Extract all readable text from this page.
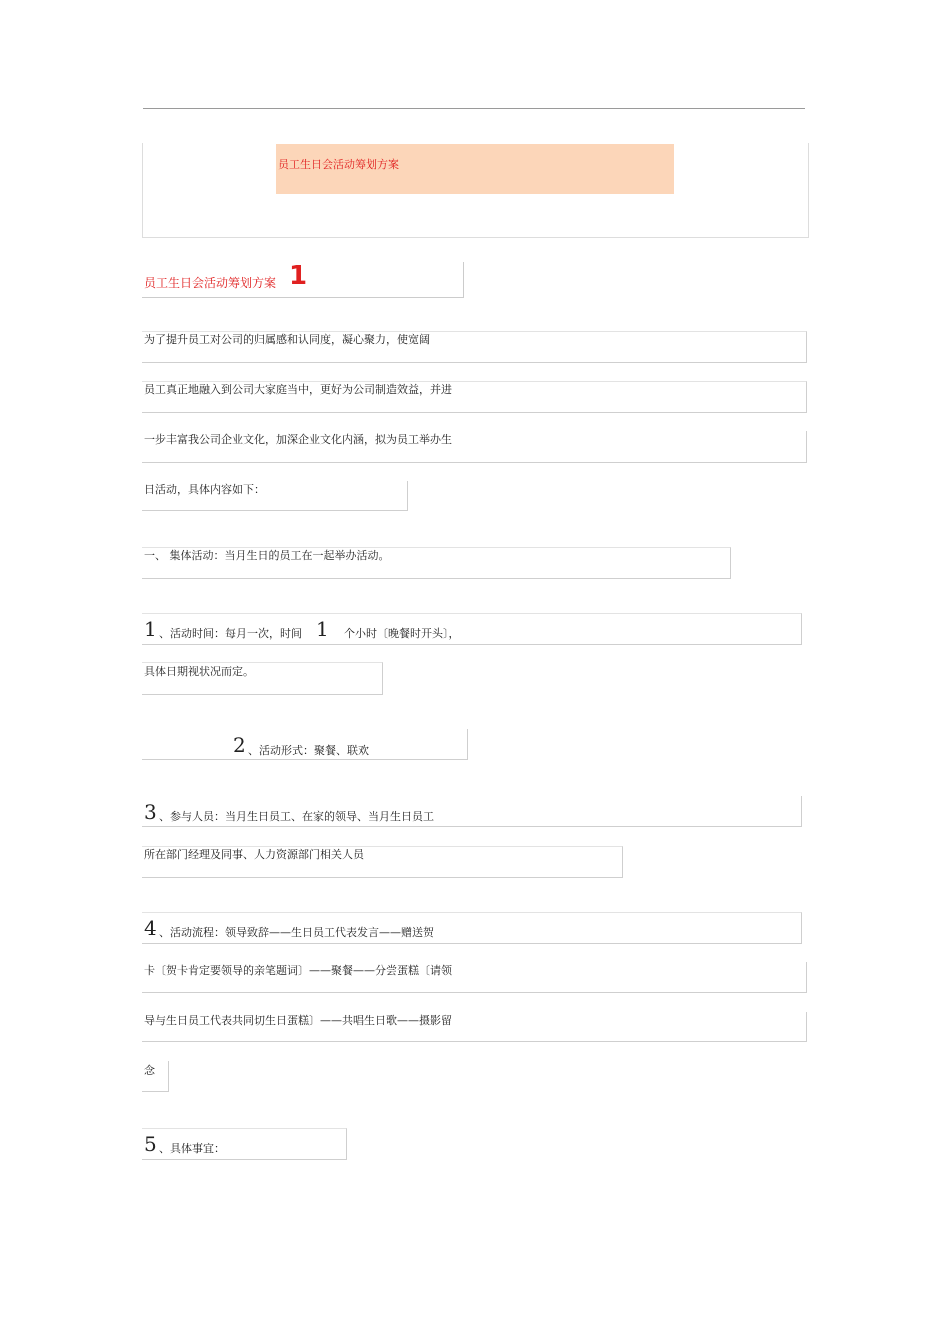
员工生日会活动筹划方案
员工生日会活动筹划方案 1
为了提升员工对公司的归属感和认同度，凝心聚力，使宽阔
员工真正地融入到公司大家庭当中，更好为公司制造效益，并进
一步丰富我公司企业文化，加深企业文化内涵，拟为员工举办生
日活动，具体内容如下：
一、 集体活动：当月生日的员工在一起举办活动。
1 、活动时间：每月一次，时间 1 个小时〔晚餐时开头〕，
具体日期视状况而定。
2 、活动形式：聚餐、联欢
3 、参与人员：当月生日员工、在家的领导、当月生日员工
所在部门经理及同事、人力资源部门相关人员
4 、活动流程：领导致辞——生日员工代表发言——赠送贺
卡〔贺卡肯定要领导的亲笔题词〕——聚餐——分尝蛋糕〔请领
导与生日员工代表共同切生日蛋糕〕——共唱生日歌——摄影留
念
5 、具体事宜：
